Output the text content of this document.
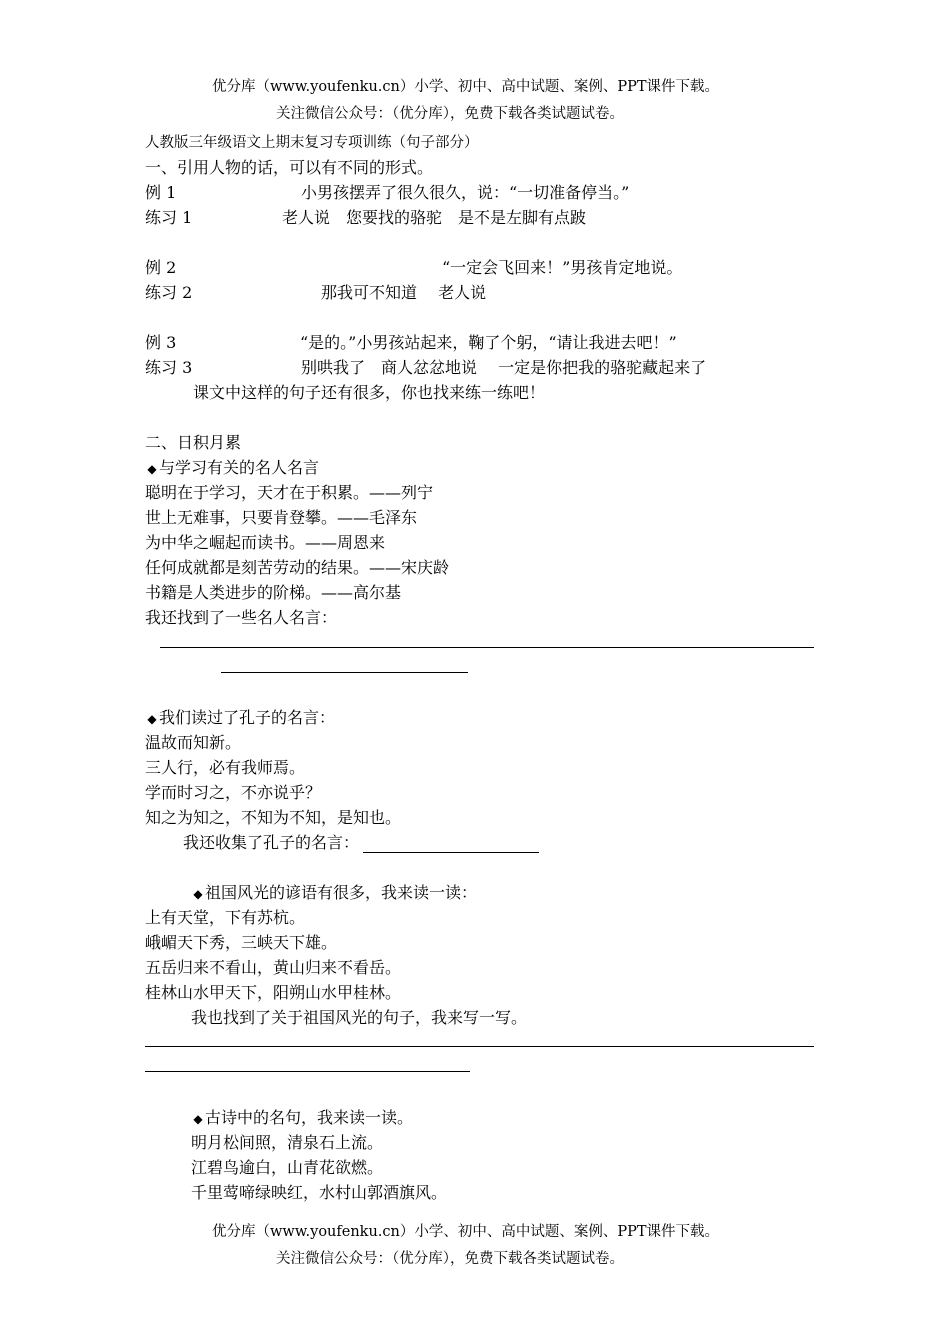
优分库（www.youfenku.cn）小学、初中、高中试题、案例、PPT课件下载。
关注微信公众号：（优分库），免费下载各类试题试卷。
人教版三年级语文上期末复习专项训练（句子部分）
一、引用人物的话，可以有不同的形式。
例 1	小男孩摆弄了很久很久，说：“一切准备停当。”
练习 1	老人说　您要找的骆驼　是不是左脚有点跛
例 2	“一定会飞回来！”男孩肯定地说。
练习 2	那我可不知道　 老人说
例 3	“是的。”小男孩站起来，鞠了个躬，“请让我进去吧！”
练习 3	别哄我了　商人忿忿地说　 一定是你把我的骆驼藏起来了
课文中这样的句子还有很多，你也找来练一练吧！
二、日积月累
◆ 与学习有关的名人名言
聪明在于学习，天才在于积累。——列宁
世上无难事，只要肯登攀。——毛泽东
为中华之崛起而读书。——周恩来
任何成就都是刻苦劳动的结果。——宋庆龄
书籍是人类进步的阶梯。——高尔基
我还找到了一些名人名言：
◆ 我们读过了孔子的名言：
温故而知新。
三人行，必有我师焉。
学而时习之，不亦说乎？
知之为知之，不知为不知，是知也。
我还收集了孔子的名言：
◆ 祖国风光的谚语有很多，我来读一读：
上有天堂，下有苏杭。
峨嵋天下秀，三峡天下雄。
五岳归来不看山，黄山归来不看岳。
桂林山水甲天下，阳朔山水甲桂林。
我也找到了关于祖国风光的句子，我来写一写。
◆ 古诗中的名句，我来读一读。
明月松间照，清泉石上流。
江碧鸟逾白，山青花欲燃。
千里莺啼绿映红，水村山郭酒旗风。
优分库（www.youfenku.cn）小学、初中、高中试题、案例、PPT课件下载。
关注微信公众号：（优分库），免费下载各类试题试卷。
